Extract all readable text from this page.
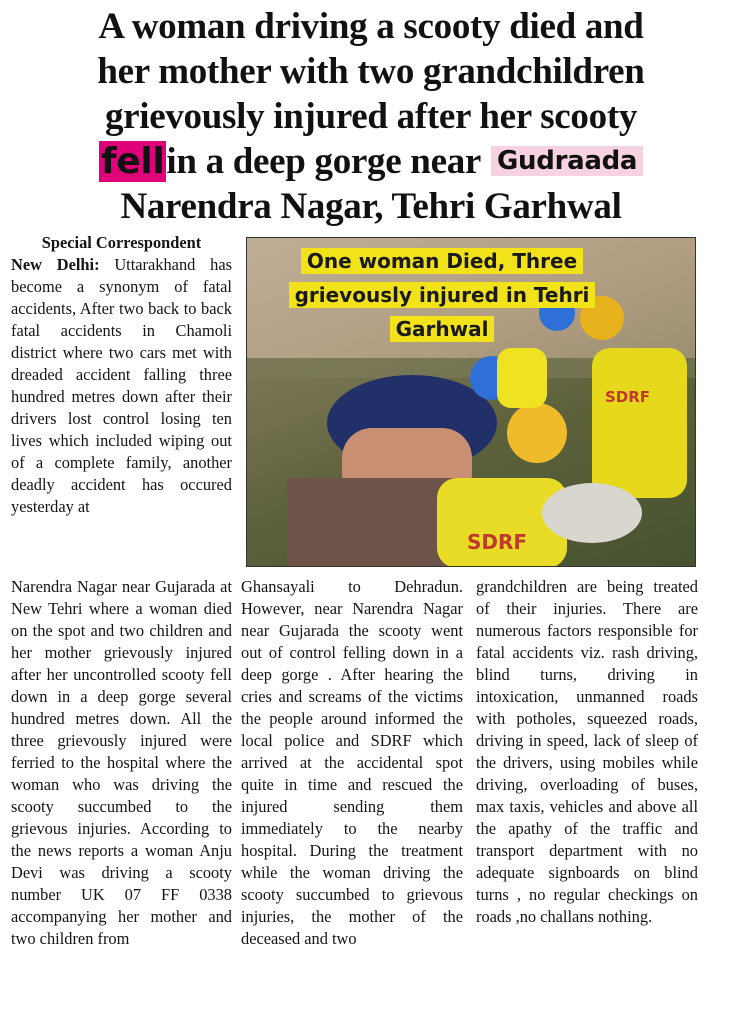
A woman driving a scooty died and
her mother with two grandchildren
grievously injured after her scooty
fellin a deep gorge near Gudraada
Narendra Nagar, Tehri Garhwal

Special Correspondent

New Delhi: Uttarakhand has become a synonym of fatal accidents, After two back to back fatal accidents in Chamoli district where two cars met with dreaded accident falling three hundred metres down after their drivers lost control losing ten lives which included wiping out of a complete family, another deadly accident has occured yesterday at

One woman Died, Three
grievously injured in Tehri
Garhwal
SDRF
SDRF

Narendra Nagar near Gujarada at New Tehri where a woman died on the spot and two children and her mother grievously injured after her uncontrolled scooty fell down in a deep gorge several hundred metres down. All the three grievously injured were ferried to the hospital where the woman who was driving the scooty succumbed to the grievous injuries. According to the news reports a woman Anju Devi was driving a scooty number UK 07 FF 0338 accompanying her mother and two children from

Ghansayali to Dehradun. However, near Narendra Nagar near Gujarada the scooty went out of control felling down in a deep gorge . After hearing the cries and screams of the victims the people around informed the local police and SDRF which arrived at the accidental spot quite in time and rescued the injured sending them immediately to the nearby hospital. During the treatment while the woman driving the scooty succumbed to grievous injuries, the mother of the deceased and two

grandchildren are being treated of their injuries. There are numerous factors responsible for fatal accidents viz. rash driving, blind turns, driving in intoxication, unmanned roads with potholes, squeezed roads, driving in speed, lack of sleep of the drivers, using mobiles while driving, overloading of buses, max taxis, vehicles and above all the apathy of the traffic and transport department with no adequate signboards on blind turns , no regular checkings on roads ,no challans nothing.
